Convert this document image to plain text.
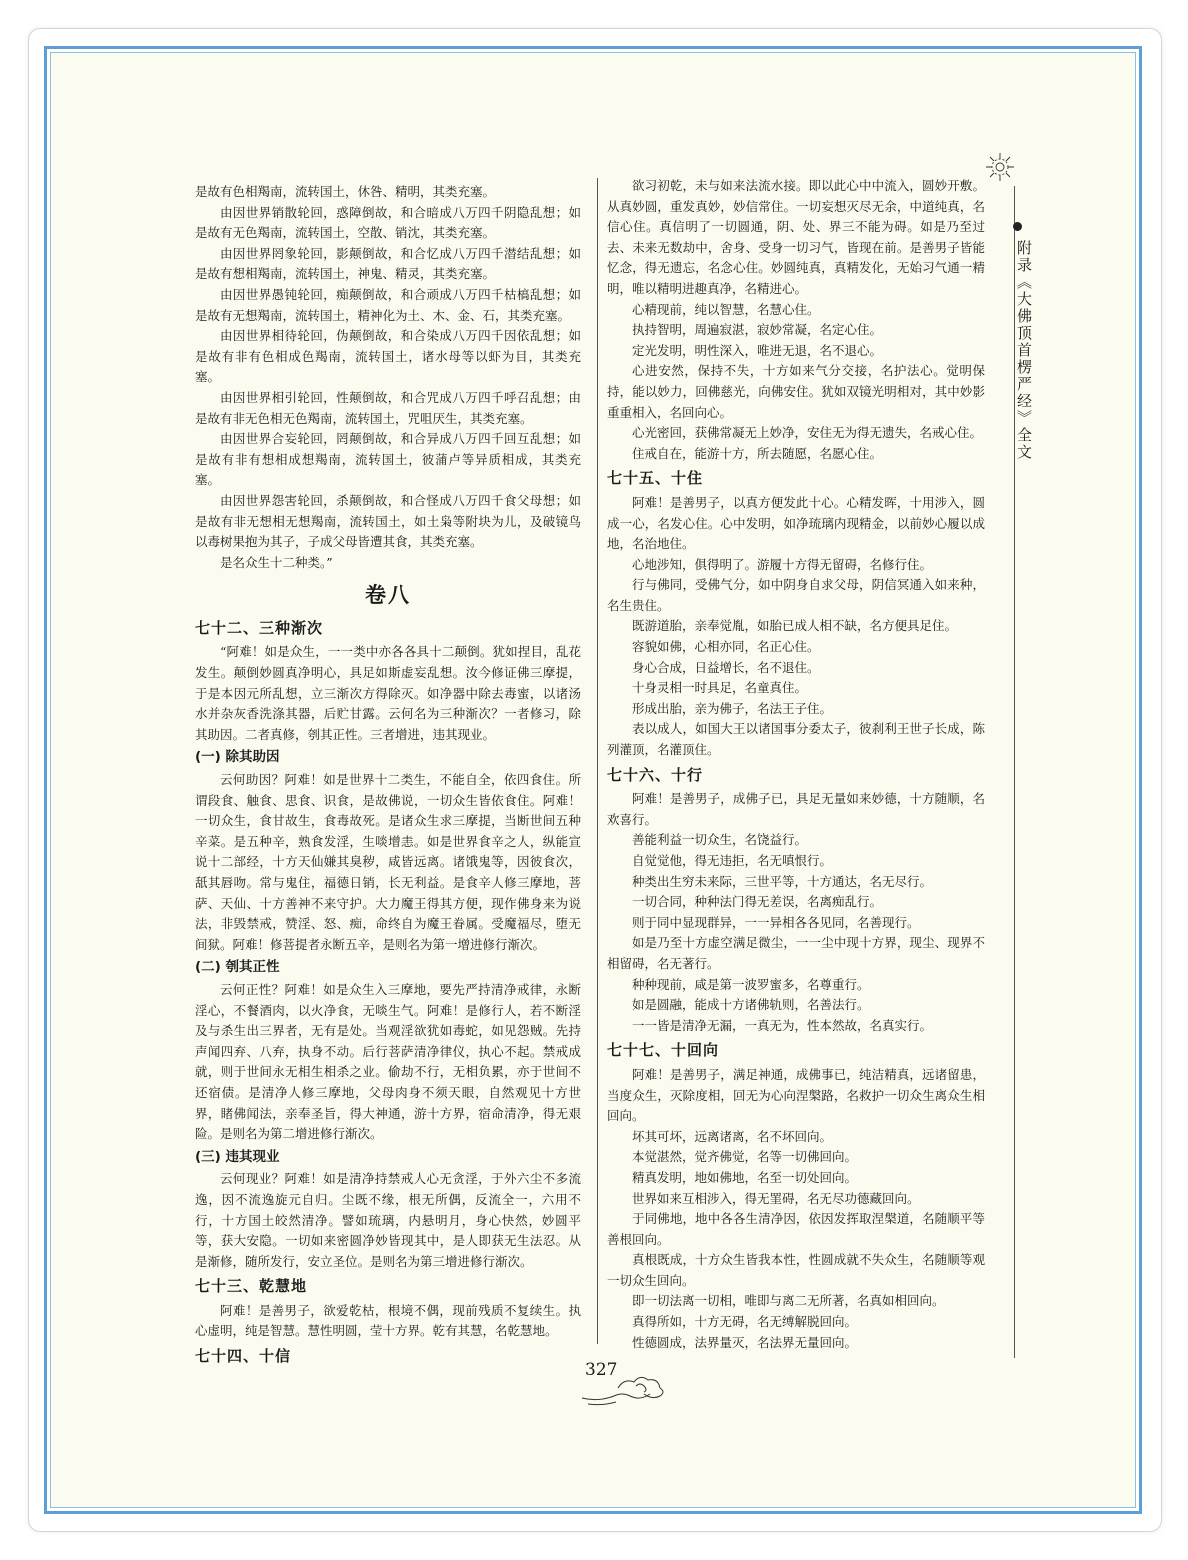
是故有色相羯南，流转国土，休咎、精明，其类充塞。

由因世界销散轮回，惑障倒故，和合暗成八万四千阴隐乱想；如是故有无色羯南，流转国土，空散、销沈，其类充塞。

由因世界罔象轮回，影颠倒故，和合忆成八万四千潜结乱想；如是故有想相羯南，流转国土，神鬼、精灵，其类充塞。

由因世界愚钝轮回，痴颠倒故，和合顽成八万四千枯槁乱想；如是故有无想羯南，流转国土，精神化为土、木、金、石，其类充塞。

由因世界相待轮回，伪颠倒故，和合染成八万四千因依乱想；如是故有非有色相成色羯南，流转国土，诸水母等以虾为目，其类充塞。

由因世界相引轮回，性颠倒故，和合咒成八万四千呼召乱想；由是故有非无色相无色羯南，流转国土，咒咀厌生，其类充塞。

由因世界合妄轮回，罔颠倒故，和合异成八万四千回互乱想；如是故有非有想相成想羯南，流转国土，彼蒲卢等异质相成，其类充塞。

由因世界怨害轮回，杀颠倒故，和合怪成八万四千食父母想；如是故有非无想相无想羯南，流转国土，如土枭等附块为儿，及破镜鸟以毒树果抱为其子，子成父母皆遭其食，其类充塞。

是名众生十二种类。”

卷八
七十二、三种渐次

“阿难！如是众生，一一类中亦各各具十二颠倒。犹如捏目，乱花发生。颠倒妙圆真净明心，具足如斯虚妄乱想。汝今修证佛三摩提，于是本因元所乱想，立三渐次方得除灭。如净器中除去毒蜜，以诸汤水并杂灰香洗涤其器，后贮甘露。云何名为三种渐次？一者修习，除其助因。二者真修，刳其正性。三者增进，违其现业。

(一) 除其助因

云何助因？阿难！如是世界十二类生，不能自全，依四食住。所谓段食、触食、思食、识食，是故佛说，一切众生皆依食住。阿难！一切众生，食甘故生，食毒故死。是诸众生求三摩提，当断世间五种辛菜。是五种辛，熟食发淫，生啖增恚。如是世界食辛之人，纵能宣说十二部经，十方天仙嫌其臭秽，咸皆远离。诸饿鬼等，因彼食次，舐其唇吻。常与鬼住，福德日销，长无利益。是食辛人修三摩地，菩萨、天仙、十方善神不来守护。大力魔王得其方便，现作佛身来为说法，非毁禁戒，赞淫、怒、痴，命终自为魔王眷属。受魔福尽，堕无间狱。阿难！修菩提者永断五辛，是则名为第一增进修行渐次。

(二) 刳其正性

云何正性？阿难！如是众生入三摩地，要先严持清净戒律，永断淫心，不餐酒肉，以火净食，无啖生气。阿难！是修行人，若不断淫及与杀生出三界者，无有是处。当观淫欲犹如毒蛇，如见怨贼。先持声闻四弃、八弃，执身不动。后行菩萨清净律仪，执心不起。禁戒成就，则于世间永无相生相杀之业。偷劫不行，无相负累，亦于世间不还宿债。是清净人修三摩地，父母肉身不须天眼，自然观见十方世界，睹佛闻法，亲奉圣旨，得大神通，游十方界，宿命清净，得无艰险。是则名为第二增进修行渐次。

(三) 违其现业

云何现业？阿难！如是清净持禁戒人心无贪淫，于外六尘不多流逸，因不流逸旋元自归。尘既不缘，根无所偶，反流全一，六用不行，十方国土皎然清净。譬如琉璃，内悬明月，身心快然，妙圆平等，获大安隐。一切如来密圆净妙皆现其中，是人即获无生法忍。从是渐修，随所发行，安立圣位。是则名为第三增进修行渐次。

七十三、乾慧地

阿难！是善男子，欲爱乾枯，根境不偶，现前残质不复续生。执心虚明，纯是智慧。慧性明圆，莹十方界。乾有其慧，名乾慧地。

七十四、十信

欲习初乾，未与如来法流水接。即以此心中中流入，圆妙开敷。从真妙圆，重发真妙，妙信常住。一切妄想灭尽无余，中道纯真，名信心住。真信明了一切圆通，阴、处、界三不能为碍。如是乃至过去、未来无数劫中，舍身、受身一切习气，皆现在前。是善男子皆能忆念，得无遗忘，名念心住。妙圆纯真，真精发化，无始习气通一精明，唯以精明进趣真净，名精进心。

心精现前，纯以智慧，名慧心住。

执持智明，周遍寂湛，寂妙常凝，名定心住。

定光发明，明性深入，唯进无退，名不退心。

心进安然，保持不失，十方如来气分交接，名护法心。觉明保持，能以妙力，回佛慈光，向佛安住。犹如双镜光明相对，其中妙影重重相入，名回向心。

心光密回，获佛常凝无上妙净，安住无为得无遗失，名戒心住。

住戒自在，能游十方，所去随愿，名愿心住。

七十五、十住

阿难！是善男子，以真方便发此十心。心精发晖，十用涉入，圆成一心，名发心住。心中发明，如净琉璃内现精金，以前妙心履以成地，名治地住。

心地涉知，俱得明了。游履十方得无留碍，名修行住。

行与佛同，受佛气分，如中阴身自求父母，阴信冥通入如来种，名生贵住。

既游道胎，亲奉觉胤，如胎已成人相不缺，名方便具足住。

容貌如佛，心相亦同，名正心住。

身心合成，日益增长，名不退住。

十身灵相一时具足，名童真住。

形成出胎，亲为佛子，名法王子住。

表以成人，如国大王以诸国事分委太子，彼刹利王世子长成，陈列灌顶，名灌顶住。

七十六、十行

阿难！是善男子，成佛子已，具足无量如来妙德，十方随顺，名欢喜行。

善能利益一切众生，名饶益行。

自觉觉他，得无违拒，名无嗔恨行。

种类出生穷未来际，三世平等，十方通达，名无尽行。

一切合同，种种法门得无差误，名离痴乱行。

则于同中显现群异，一一异相各各见同，名善现行。

如是乃至十方虚空满足微尘，一一尘中现十方界，现尘、现界不相留碍，名无著行。

种种现前，咸是第一波罗蜜多，名尊重行。

如是圆融，能成十方诸佛轨则，名善法行。

一一皆是清净无漏，一真无为，性本然故，名真实行。

七十七、十回向

阿难！是善男子，满足神通，成佛事已，纯洁精真，远诸留患，当度众生，灭除度相，回无为心向涅槃路，名救护一切众生离众生相回向。

坏其可坏，远离诸离，名不坏回向。

本觉湛然，觉齐佛觉，名等一切佛回向。

精真发明，地如佛地，名至一切处回向。

世界如来互相涉入，得无罣碍，名无尽功德藏回向。

于同佛地，地中各各生清净因，依因发挥取涅槃道，名随顺平等善根回向。

真根既成，十方众生皆我本性，性圆成就不失众生，名随顺等观一切众生回向。

即一切法离一切相，唯即与离二无所著，名真如相回向。

真得所如，十方无碍，名无缚解脱回向。

性德圆成，法界量灭，名法界无量回向。

附录《大佛顶首楞严经》全文
327
